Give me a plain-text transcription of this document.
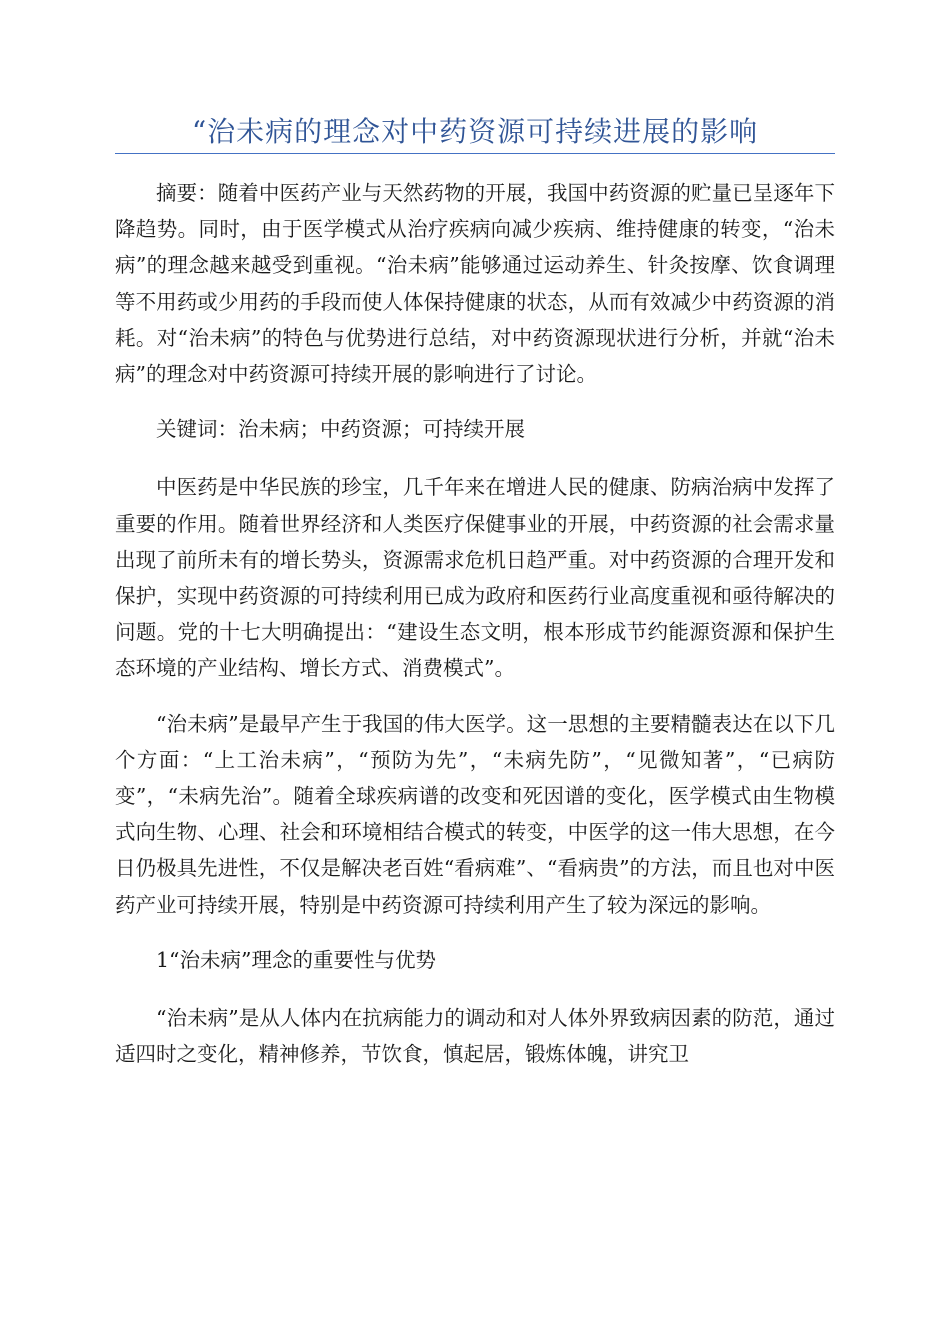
“治未病的理念对中药资源可持续进展的影响

摘要：随着中医药产业与天然药物的开展，我国中药资源的贮量已呈逐年下降趋势。同时，由于医学模式从治疗疾病向减少疾病、维持健康的转变，“治未病”的理念越来越受到重视。“治未病”能够通过运动养生、针灸按摩、饮食调理等不用药或少用药的手段而使人体保持健康的状态，从而有效减少中药资源的消耗。对“治未病”的特色与优势进行总结，对中药资源现状进行分析，并就“治未病”的理念对中药资源可持续开展的影响进行了讨论。

关键词：治未病；中药资源；可持续开展

中医药是中华民族的珍宝，几千年来在增进人民的健康、防病治病中发挥了重要的作用。随着世界经济和人类医疗保健事业的开展，中药资源的社会需求量出现了前所未有的增长势头，资源需求危机日趋严重。对中药资源的合理开发和保护，实现中药资源的可持续利用已成为政府和医药行业高度重视和亟待解决的问题。党的十七大明确提出：“建设生态文明，根本形成节约能源资源和保护生态环境的产业结构、增长方式、消费模式”。

“治未病”是最早产生于我国的伟大医学。这一思想的主要精髓表达在以下几个方面：“上工治未病”，“预防为先”，“未病先防”，“见微知著”，“已病防变”，“未病先治”。随着全球疾病谱的改变和死因谱的变化，医学模式由生物模式向生物、心理、社会和环境相结合模式的转变，中医学的这一伟大思想，在今日仍极具先进性，不仅是解决老百姓“看病难”、“看病贵”的方法，而且也对中医药产业可持续开展，特别是中药资源可持续利用产生了较为深远的影响。

1“治未病”理念的重要性与优势

“治未病”是从人体内在抗病能力的调动和对人体外界致病因素的防范，通过适四时之变化，精神修养，节饮食，慎起居，锻炼体魄，讲究卫
